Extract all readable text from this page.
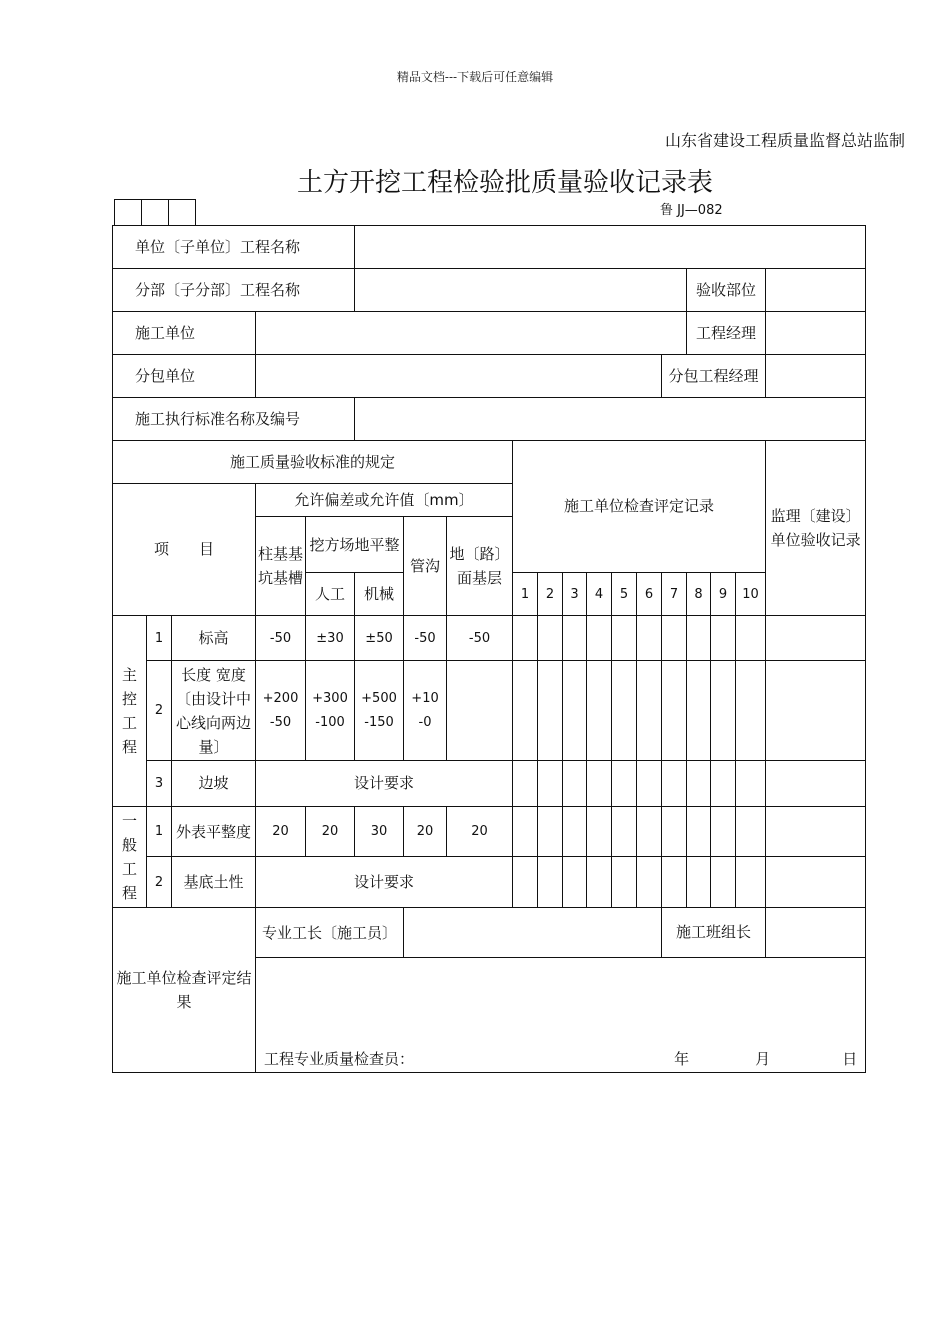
精品文档---下载后可任意编辑
山东省建设工程质量监督总站监制
土方开挖工程检验批质量验收记录表
鲁 JJ—082
单位〔子单位〕工程名称																		
分部〔子分部〕工程名称															验收部位			
施工单位															工程经理			
分包单位														分包工程经理				
施工执行标准名称及编号																		
施工质量验收标准的规定								施工单位检查评定记录										监理〔建设〕单位验收记录
项　　目			允许偏差或允许值〔mm〕															
			柱基基坑基槽	挖方场地平整		管沟	地〔路〕面基层											
				人工	机械			1	2	3	4	5	6	7	8	9	10	
主控工程	1	标高	-50	±30	±50	-50	-50											
	2	长度 宽度〔由设计中心线向两边量〕	+200 -50	+300 -100	+500 -150	+10 -0												
	3	边坡	设计要求															
一般工程	1	外表平整度	20	20	30	20	20											
	2	基底土性	设计要求															
施工单位检查评定结果			专业工长〔施工员〕											施工班组长				

			工程专业质量检查员： 年 月 日															
